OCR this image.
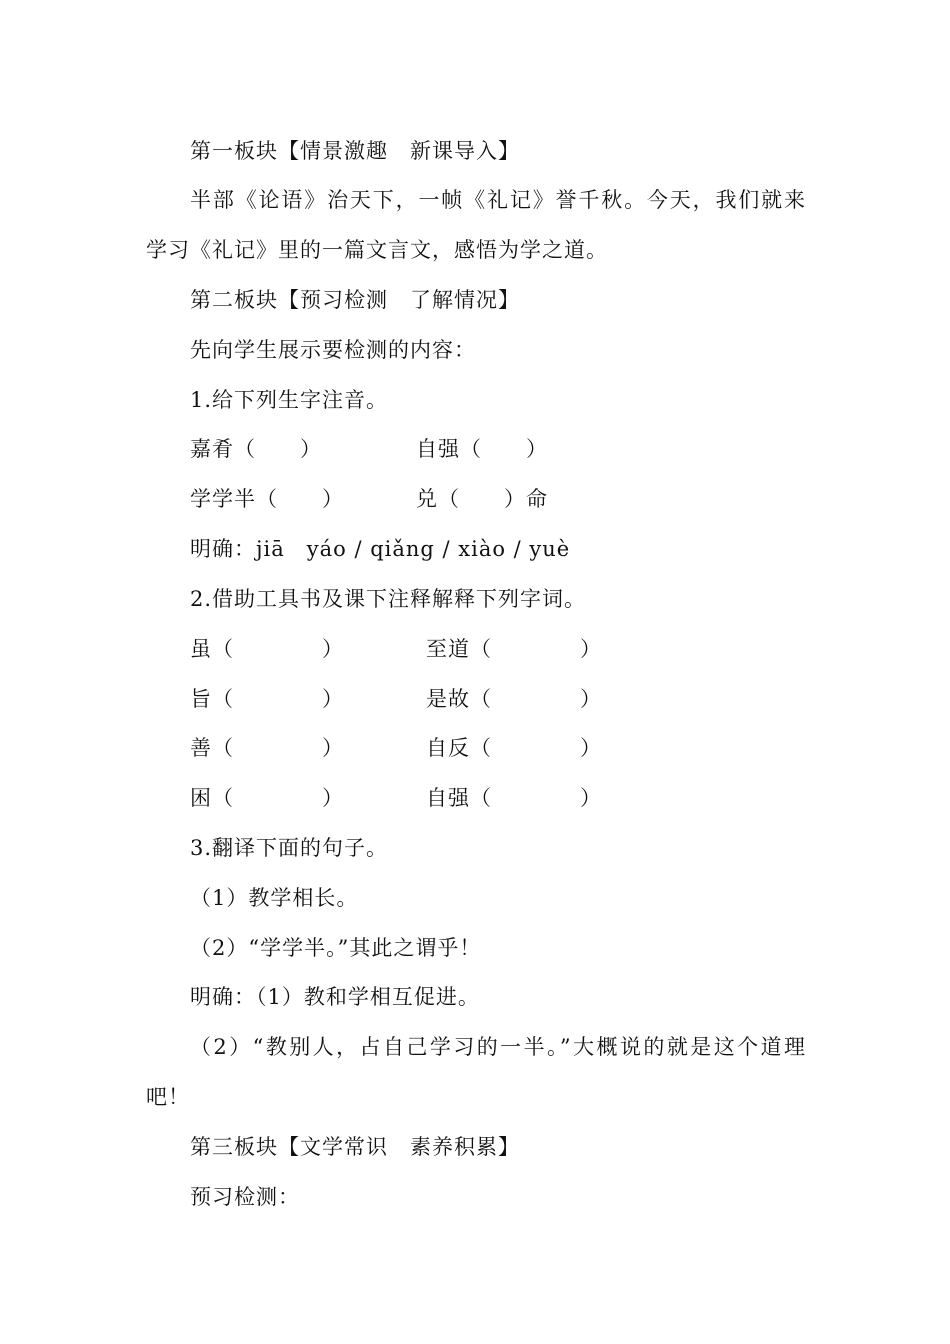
第一板块【情景激趣　新课导入】
半部《论语》治天下，一帧《礼记》誉千秋。今天，我们就来
学习《礼记》里的一篇文言文，感悟为学之道。
第二板块【预习检测　了解情况】
先向学生展示要检测的内容：
1.给下列生字注音。
嘉肴（　　）	自强（　　）
学学半（　　）	兑（　　）命
明确：jiā　yáo / qiǎng / xiào / yuè
2.借助工具书及课下注释解释下列字词。
虽（　　　　）	至道（　　　　）
旨（　　　　）	是故（　　　　）
善（　　　　）	自反（　　　　）
困（　　　　）	自强（　　　　）
3.翻译下面的句子。
（1）教学相长。
（2）“学学半。”其此之谓乎！
明确：（1）教和学相互促进。
（2）“教别人，占自己学习的一半。”大概说的就是这个道理
吧！
第三板块【文学常识　素养积累】
预习检测：
